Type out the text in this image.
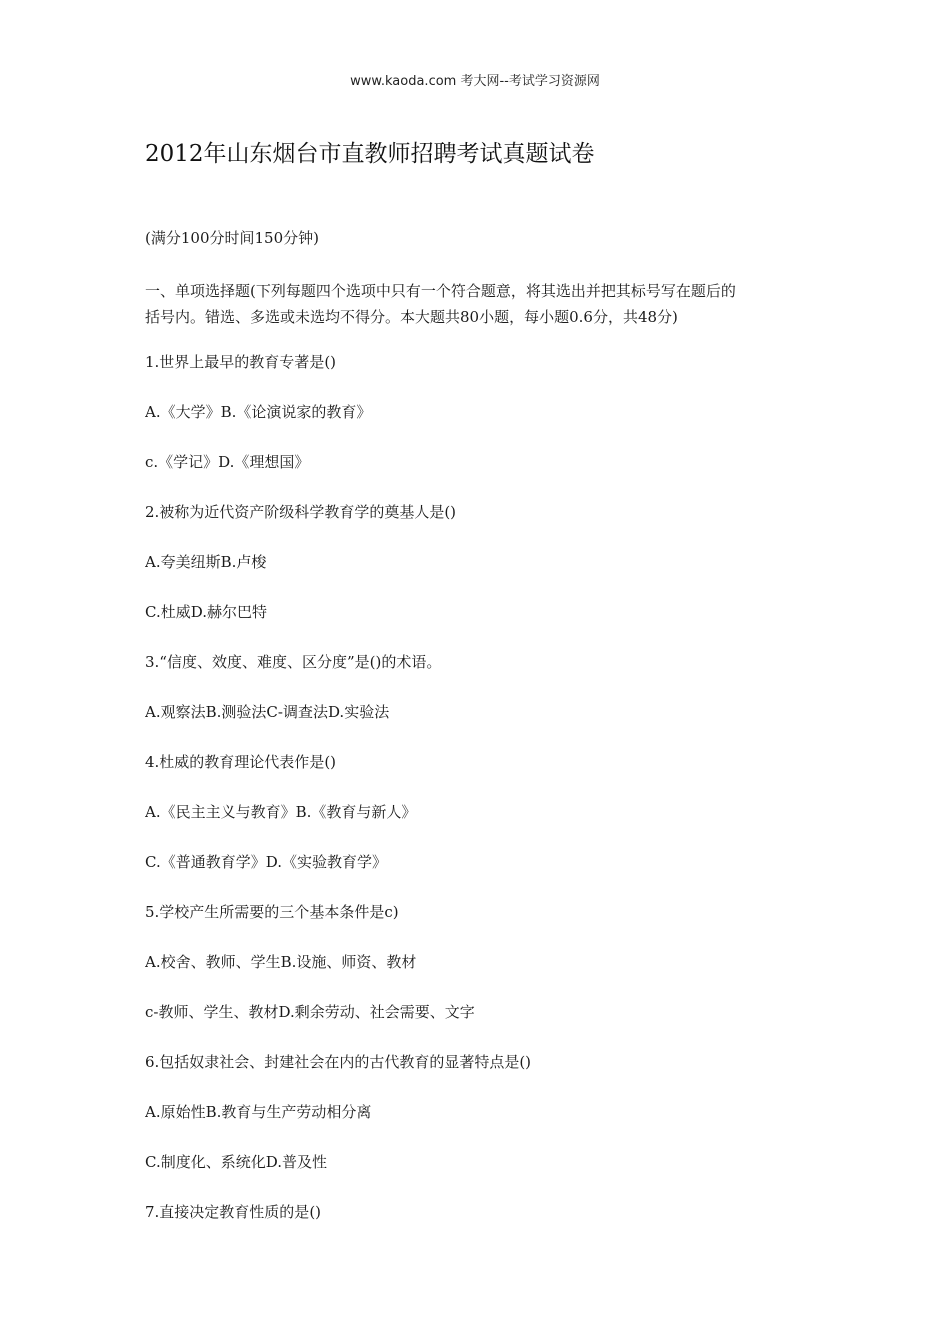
www.kaoda.com 考大网--考试学习资源网
2012年山东烟台市直教师招聘考试真题试卷
(满分100分时间150分钟)
一、单项选择题(下列每题四个选项中只有一个符合题意，将其选出并把其标号写在题后的
括号内。错选、多选或未选均不得分。本大题共80小题，每小题0.6分，共48分)
1.世界上最早的教育专著是()
A.《大学》B.《论演说家的教育》
c.《学记》D.《理想国》
2.被称为近代资产阶级科学教育学的奠基人是()
A.夸美纽斯B.卢梭
C.杜威D.赫尔巴特
3.“信度、效度、难度、区分度”是()的术语。
A.观察法B.测验法C-调查法D.实验法
4.杜威的教育理论代表作是()
A.《民主主义与教育》B.《教育与新人》
C.《普通教育学》D.《实验教育学》
5.学校产生所需要的三个基本条件是c)
A.校舍、教师、学生B.设施、师资、教材
c-教师、学生、教材D.剩余劳动、社会需要、文字
6.包括奴隶社会、封建社会在内的古代教育的显著特点是()
A.原始性B.教育与生产劳动相分离
C.制度化、系统化D.普及性
7.直接决定教育性质的是()
